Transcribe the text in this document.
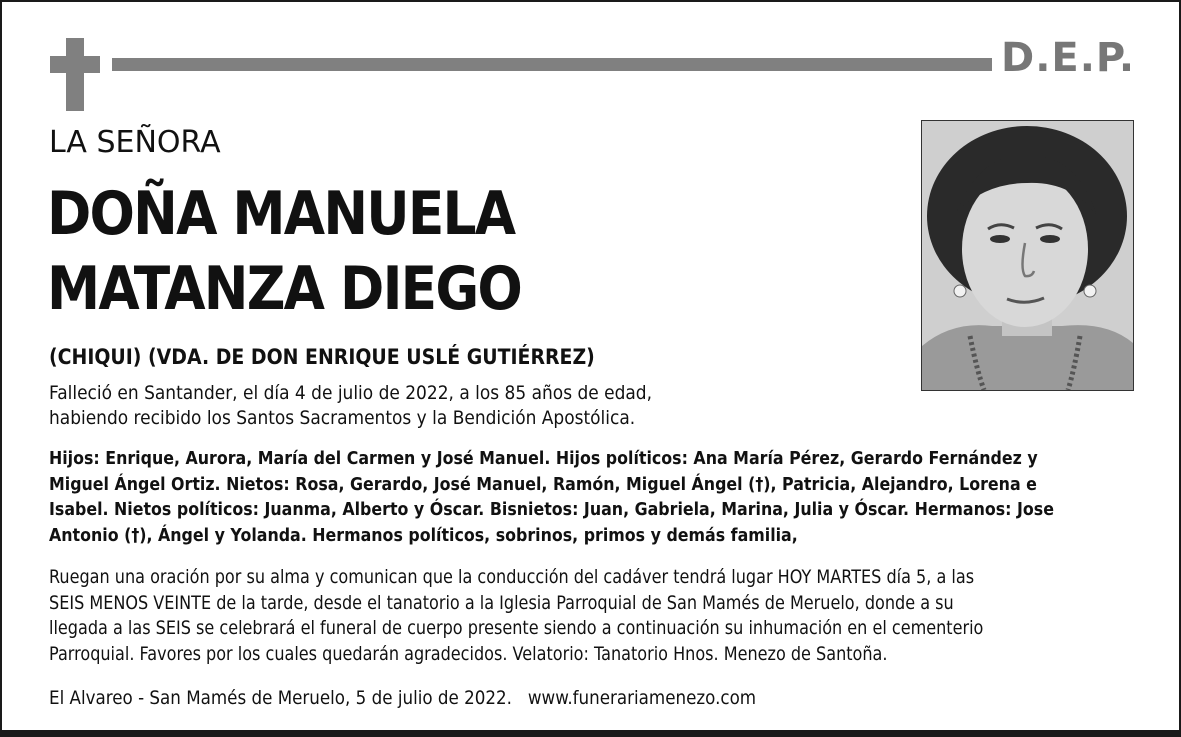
D.E.P.
LA SEÑORA
DOÑA MANUELA
MATANZA DIEGO
(CHIQUI) (VDA. DE DON ENRIQUE USLÉ GUTIÉRREZ)
Falleció en Santander, el día 4 de julio de 2022, a los 85 años de edad,
habiendo recibido los Santos Sacramentos y la Bendición Apostólica.
Hijos: Enrique, Aurora, María del Carmen y José Manuel. Hijos políticos: Ana María Pérez, Gerardo Fernández y
Miguel Ángel Ortiz. Nietos: Rosa, Gerardo, José Manuel, Ramón, Miguel Ángel (†), Patricia, Alejandro, Lorena e
Isabel. Nietos políticos: Juanma, Alberto y Óscar. Bisnietos: Juan, Gabriela, Marina, Julia y Óscar. Hermanos: Jose
Antonio (†), Ángel y Yolanda. Hermanos políticos, sobrinos, primos y demás familia,
Ruegan una oración por su alma y comunican que la conducción del cadáver tendrá lugar HOY MARTES día 5, a las
SEIS MENOS VEINTE de la tarde, desde el tanatorio a la Iglesia Parroquial de San Mamés de Meruelo, donde a su
llegada a las SEIS se celebrará el funeral de cuerpo presente siendo a continuación su inhumación en el cementerio
Parroquial. Favores por los cuales quedarán agradecidos. Velatorio: Tanatorio Hnos. Menezo de Santoña.
El Alvareo - San Mamés de Meruelo, 5 de julio de 2022. www.funerariamenezo.com
